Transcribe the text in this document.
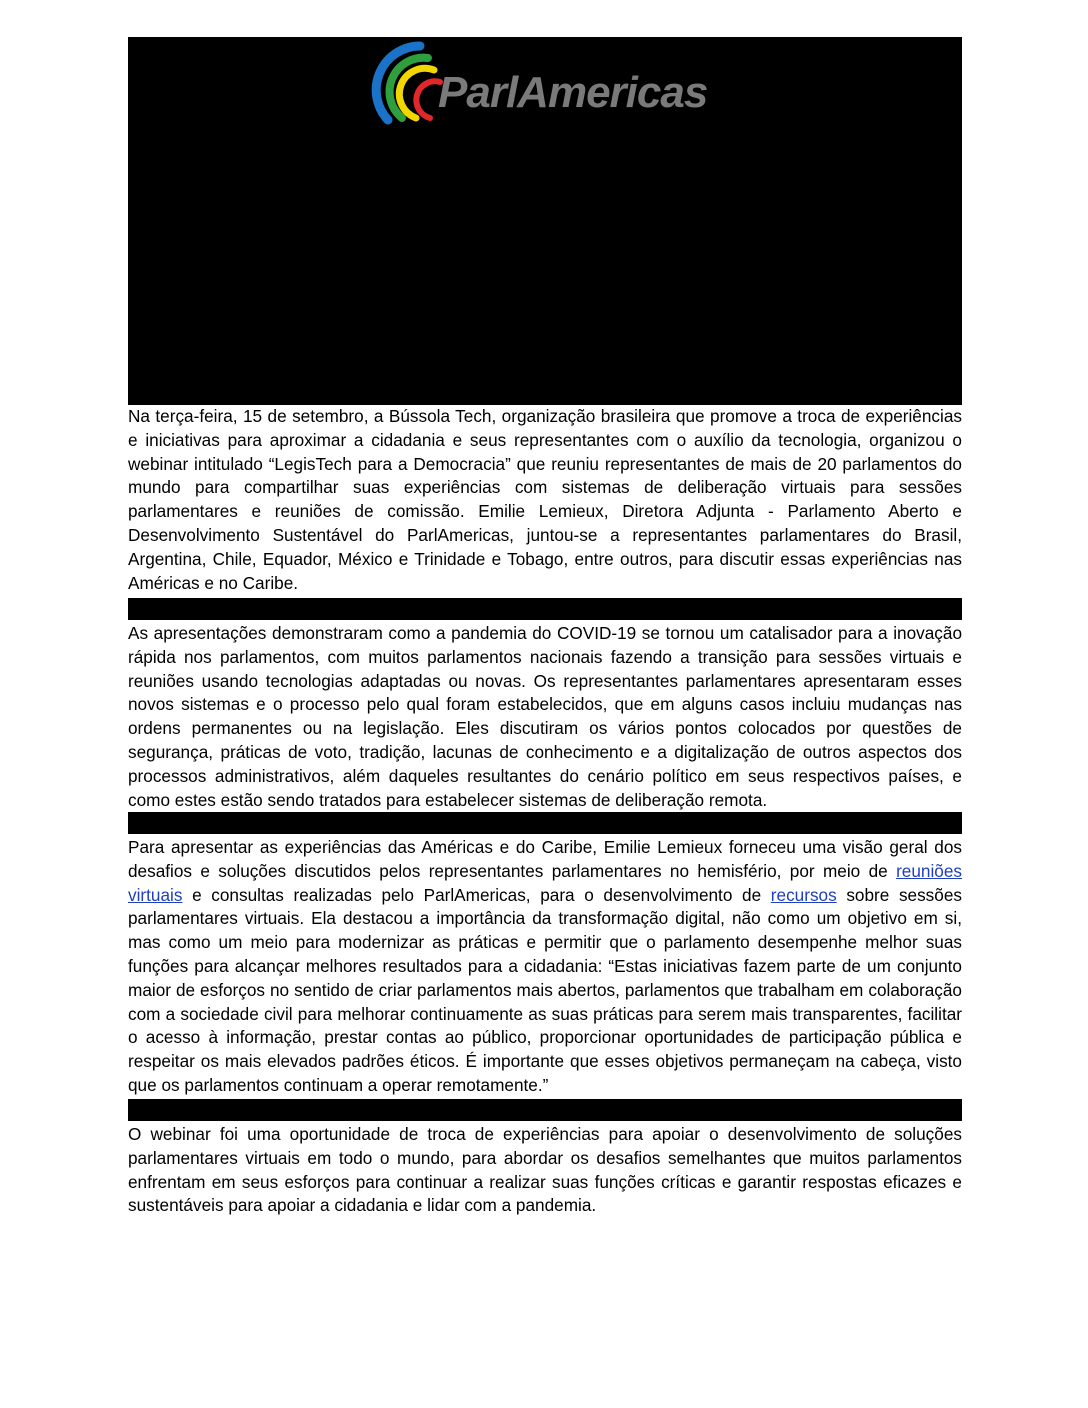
ParlAmericas
Na terça-feira, 15 de setembro, a Bússola Tech, organização brasileira que promove a troca de experiências e iniciativas para aproximar a cidadania e seus representantes com o auxílio da tecnologia, organizou o webinar intitulado “LegisTech para a Democracia” que reuniu representantes de mais de 20 parlamentos do mundo para compartilhar suas experiências com sistemas de deliberação virtuais para sessões parlamentares e reuniões de comissão. Emilie Lemieux, Diretora Adjunta - Parlamento Aberto e Desenvolvimento Sustentável do ParlAmericas, juntou-se a representantes parlamentares do Brasil, Argentina, Chile, Equador, México e Trinidade e Tobago, entre outros, para discutir essas experiências nas Américas e no Caribe.
As apresentações demonstraram como a pandemia do COVID-19 se tornou um catalisador para a inovação rápida nos parlamentos, com muitos parlamentos nacionais fazendo a transição para sessões virtuais e reuniões usando tecnologias adaptadas ou novas. Os representantes parlamentares apresentaram esses novos sistemas e o processo pelo qual foram estabelecidos, que em alguns casos incluiu mudanças nas ordens permanentes ou na legislação. Eles discutiram os vários pontos colocados por questões de segurança, práticas de voto, tradição, lacunas de conhecimento e a digitalização de outros aspectos dos processos administrativos, além daqueles resultantes do cenário político em seus respectivos países, e como estes estão sendo tratados para estabelecer sistemas de deliberação remota.
Para apresentar as experiências das Américas e do Caribe, Emilie Lemieux forneceu uma visão geral dos desafios e soluções discutidos pelos representantes parlamentares no hemisfério, por meio de reuniões virtuais e consultas realizadas pelo ParlAmericas, para o desenvolvimento de recursos sobre sessões parlamentares virtuais. Ela destacou a importância da transformação digital, não como um objetivo em si, mas como um meio para modernizar as práticas e permitir que o parlamento desempenhe melhor suas funções para alcançar melhores resultados para a cidadania: “Estas iniciativas fazem parte de um conjunto maior de esforços no sentido de criar parlamentos mais abertos, parlamentos que trabalham em colaboração com a sociedade civil para melhorar continuamente as suas práticas para serem mais transparentes, facilitar o acesso à informação, prestar contas ao público, proporcionar oportunidades de participação pública e respeitar os mais elevados padrões éticos. É importante que esses objetivos permaneçam na cabeça, visto que os parlamentos continuam a operar remotamente.”
O webinar foi uma oportunidade de troca de experiências para apoiar o desenvolvimento de soluções parlamentares virtuais em todo o mundo, para abordar os desafios semelhantes que muitos parlamentos enfrentam em seus esforços para continuar a realizar suas funções críticas e garantir respostas eficazes e sustentáveis para apoiar a cidadania e lidar com a pandemia.
